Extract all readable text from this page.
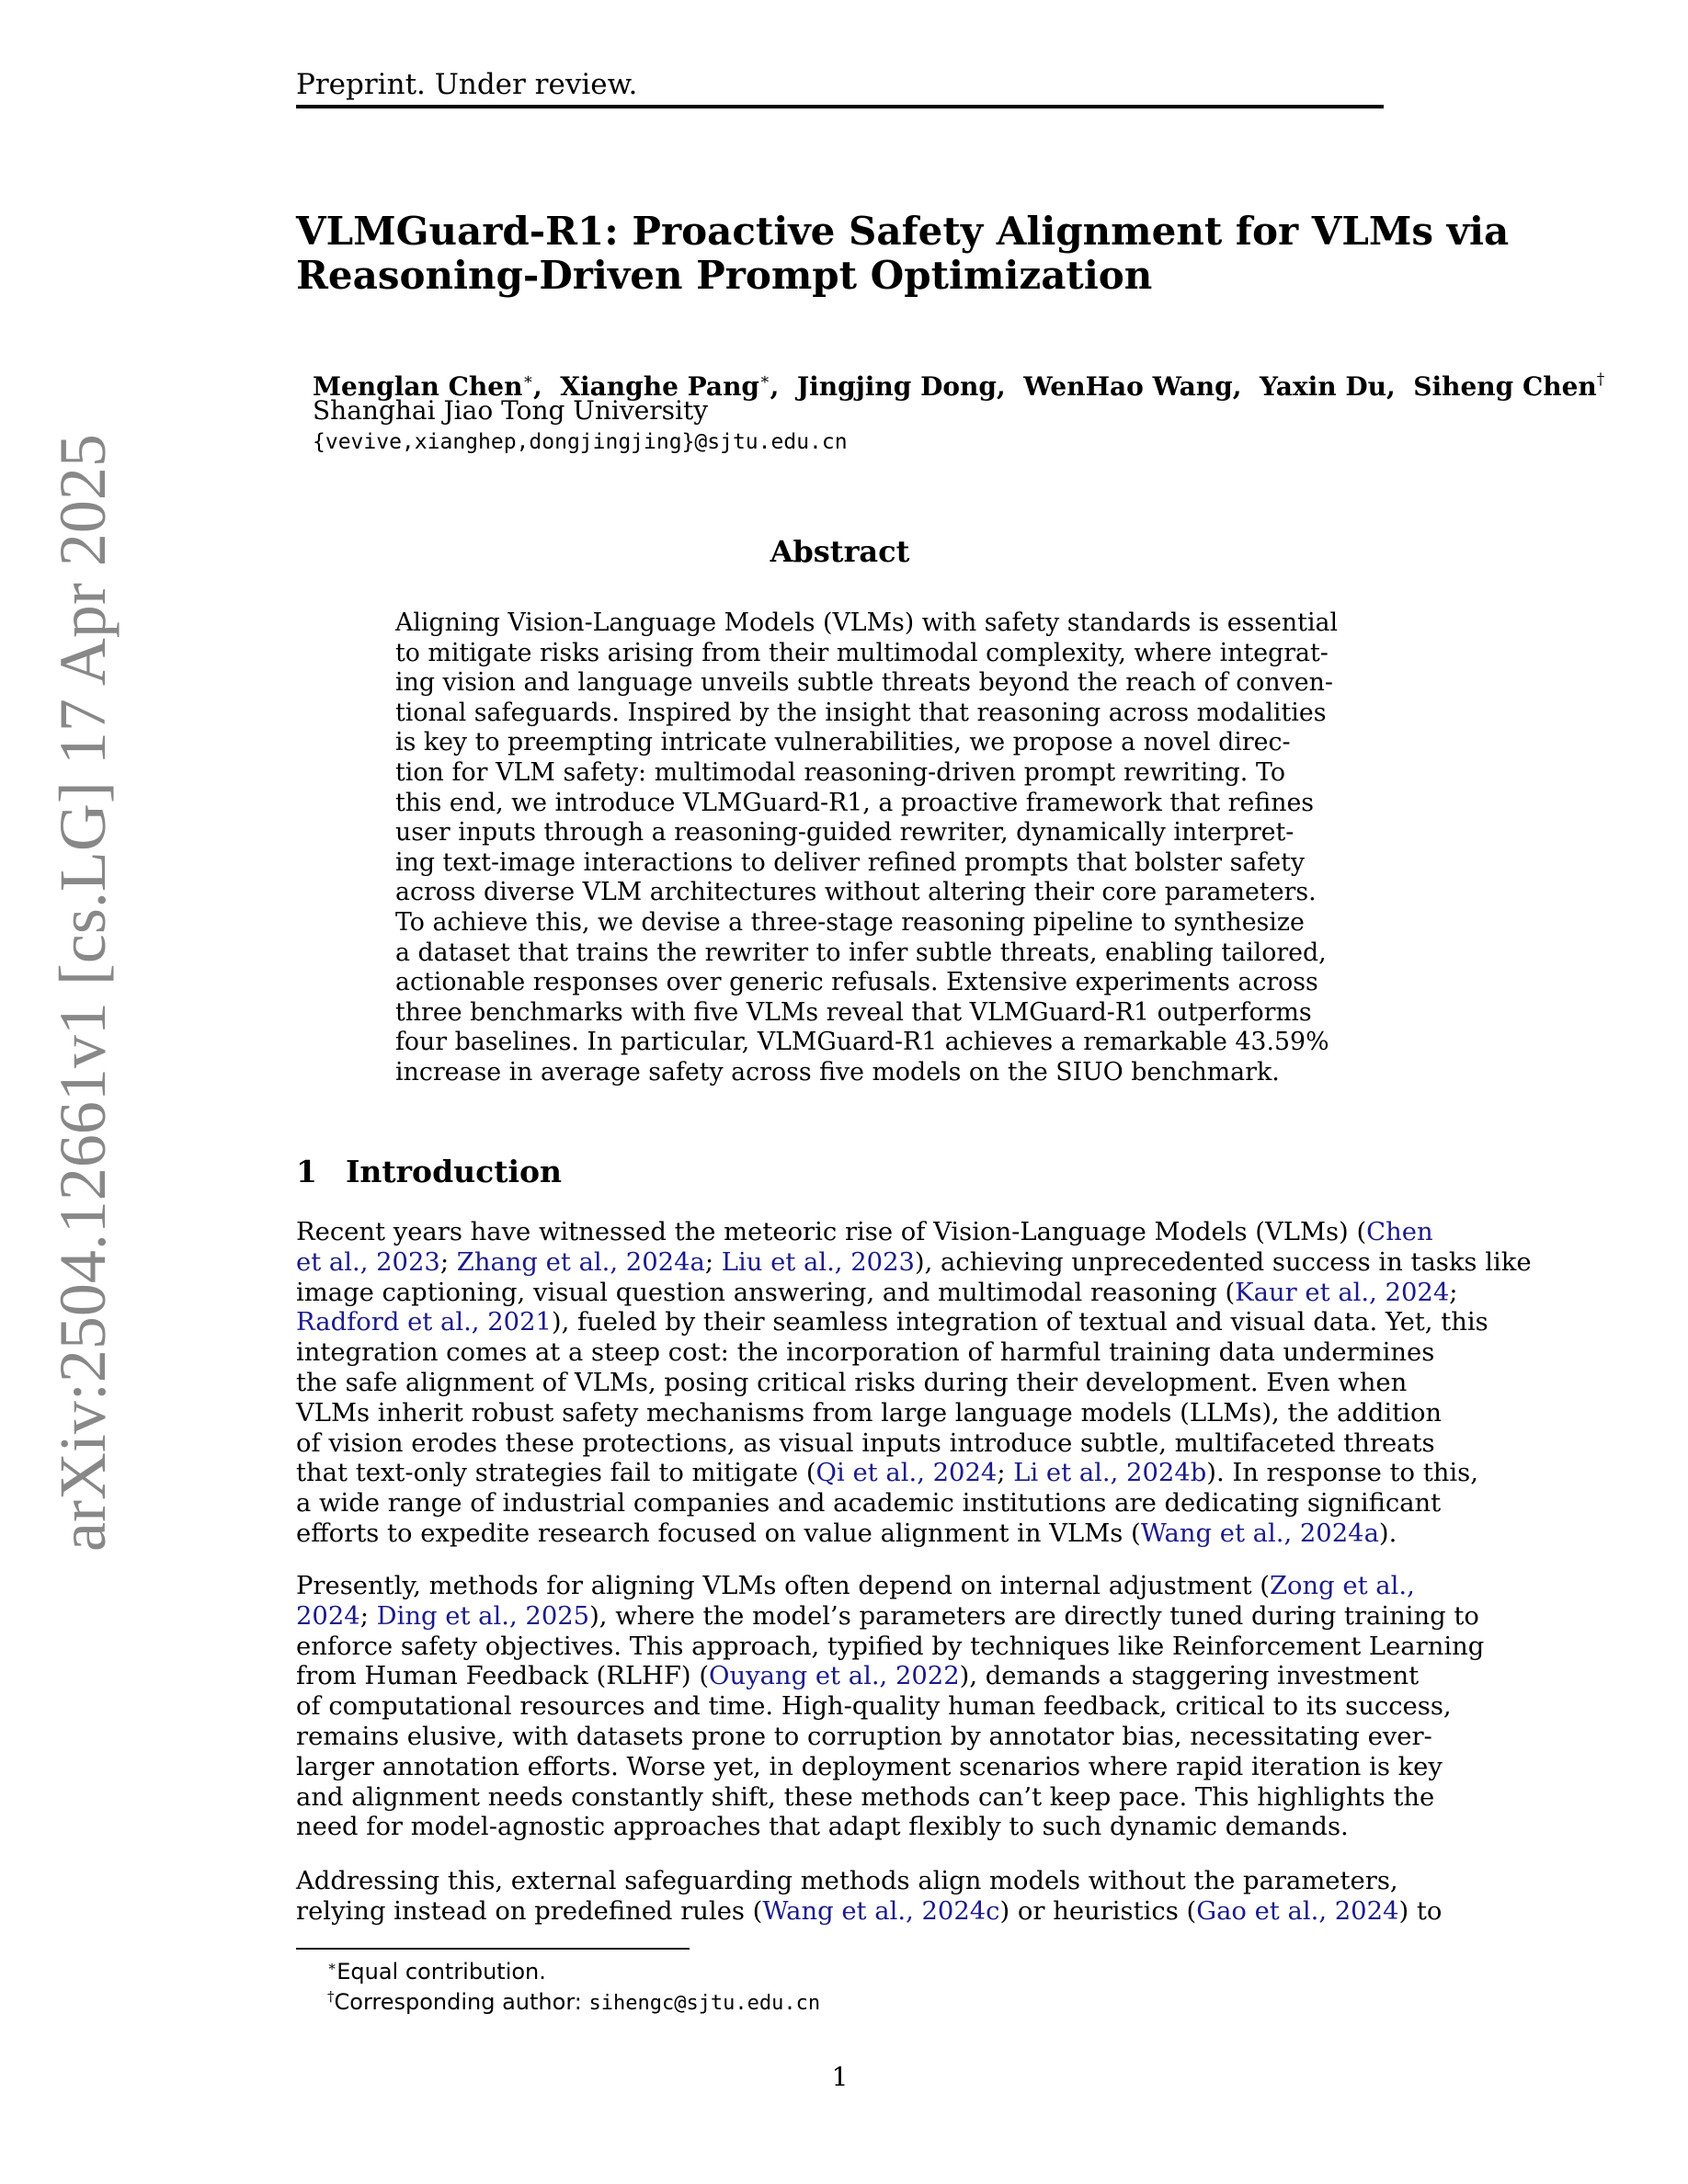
Preprint. Under review.
arXiv:2504.12661v1 [cs.LG] 17 Apr 2025
VLMGuard-R1: Proactive Safety Alignment for VLMs via
Reasoning-Driven Prompt Optimization
Menglan Chen∗,  Xianghe Pang∗,  Jingjing Dong,  WenHao Wang,  Yaxin Du,  Siheng Chen†
Shanghai Jiao Tong University
{vevive,xianghep,dongjingjing}@sjtu.edu.cn
Abstract
Aligning Vision-Language Models (VLMs) with safety standards is essential
to mitigate risks arising from their multimodal complexity, where integrat-
ing vision and language unveils subtle threats beyond the reach of conven-
tional safeguards. Inspired by the insight that reasoning across modalities
is key to preempting intricate vulnerabilities, we propose a novel direc-
tion for VLM safety: multimodal reasoning-driven prompt rewriting. To
this end, we introduce VLMGuard-R1, a proactive framework that refines
user inputs through a reasoning-guided rewriter, dynamically interpret-
ing text-image interactions to deliver refined prompts that bolster safety
across diverse VLM architectures without altering their core parameters.
To achieve this, we devise a three-stage reasoning pipeline to synthesize
a dataset that trains the rewriter to infer subtle threats, enabling tailored,
actionable responses over generic refusals. Extensive experiments across
three benchmarks with five VLMs reveal that VLMGuard-R1 outperforms
four baselines. In particular, VLMGuard-R1 achieves a remarkable 43.59%
increase in average safety across five models on the SIUO benchmark.
1 Introduction
Recent years have witnessed the meteoric rise of Vision-Language Models (VLMs) (Chen
et al., 2023; Zhang et al., 2024a; Liu et al., 2023), achieving unprecedented success in tasks like
image captioning, visual question answering, and multimodal reasoning (Kaur et al., 2024;
Radford et al., 2021), fueled by their seamless integration of textual and visual data. Yet, this
integration comes at a steep cost: the incorporation of harmful training data undermines
the safe alignment of VLMs, posing critical risks during their development. Even when
VLMs inherit robust safety mechanisms from large language models (LLMs), the addition
of vision erodes these protections, as visual inputs introduce subtle, multifaceted threats
that text-only strategies fail to mitigate (Qi et al., 2024; Li et al., 2024b). In response to this,
a wide range of industrial companies and academic institutions are dedicating significant
efforts to expedite research focused on value alignment in VLMs (Wang et al., 2024a).
Presently, methods for aligning VLMs often depend on internal adjustment (Zong et al.,
2024; Ding et al., 2025), where the model’s parameters are directly tuned during training to
enforce safety objectives. This approach, typified by techniques like Reinforcement Learning
from Human Feedback (RLHF) (Ouyang et al., 2022), demands a staggering investment
of computational resources and time. High-quality human feedback, critical to its success,
remains elusive, with datasets prone to corruption by annotator bias, necessitating ever-
larger annotation efforts. Worse yet, in deployment scenarios where rapid iteration is key
and alignment needs constantly shift, these methods can’t keep pace. This highlights the
need for model-agnostic approaches that adapt flexibly to such dynamic demands.
Addressing this, external safeguarding methods align models without the parameters,
relying instead on predefined rules (Wang et al., 2024c) or heuristics (Gao et al., 2024) to
∗Equal contribution.
†Corresponding author: sihengc@sjtu.edu.cn
1
